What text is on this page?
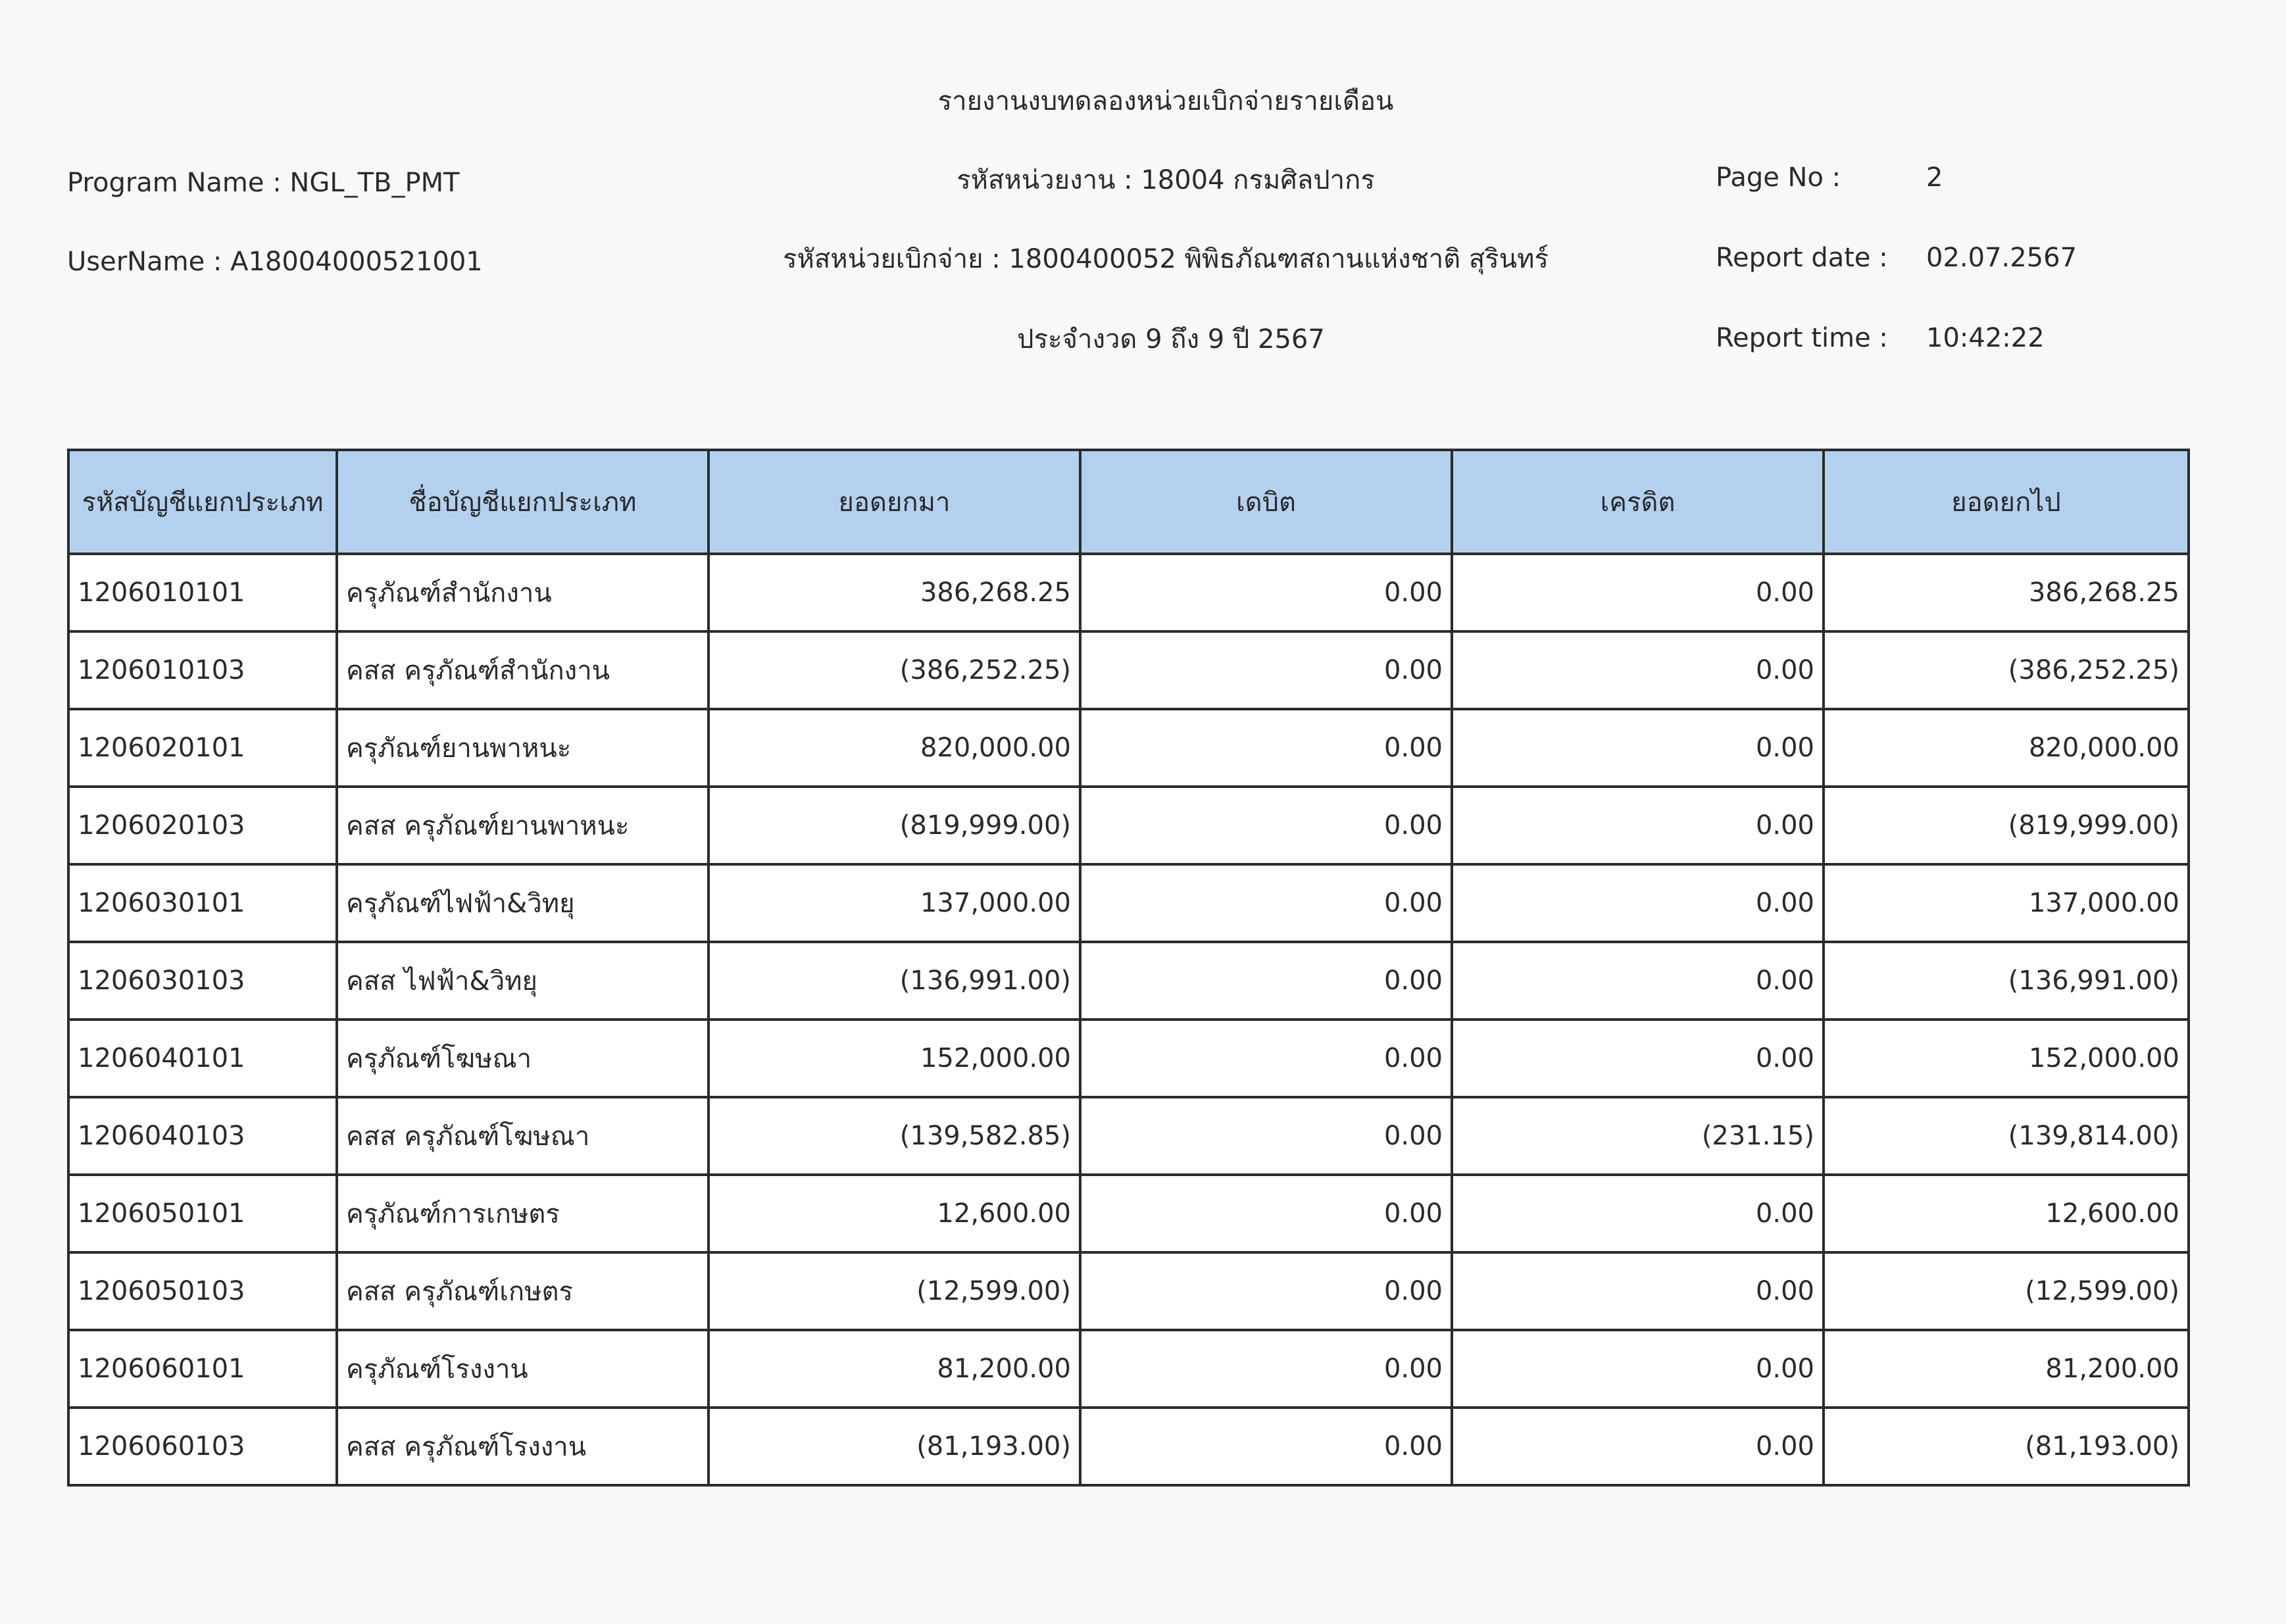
รายงานงบทดลองหน่วยเบิกจ่ายรายเดือน
Program Name : NGL_TB_PMT	รหัสหน่วยงาน : 18004 กรมศิลปากร	Page No :	2
UserName : A18004000521001	รหัสหน่วยเบิกจ่าย : 1800400052 พิพิธภัณฑสถานแห่งชาติ สุรินทร์	Report date : 02.07.2567
ประจำงวด 9 ถึง 9 ปี 2567	Report time : 10:42:22
รหัสบัญชีแยกประเภท	ชื่อบัญชีแยกประเภท	ยอดยกมา	เดบิต	เครดิต	ยอดยกไป
1206010101	ครุภัณฑ์สำนักงาน	386,268.25	0.00	0.00	386,268.25
1206010103	คสส ครุภัณฑ์สำนักงาน	(386,252.25)	0.00	0.00	(386,252.25)
1206020101	ครุภัณฑ์ยานพาหนะ	820,000.00	0.00	0.00	820,000.00
1206020103	คสส ครุภัณฑ์ยานพาหนะ	(819,999.00)	0.00	0.00	(819,999.00)
1206030101	ครุภัณฑ์ไฟฟ้า&วิทยุ	137,000.00	0.00	0.00	137,000.00
1206030103	คสส ไฟฟ้า&วิทยุ	(136,991.00)	0.00	0.00	(136,991.00)
1206040101	ครุภัณฑ์โฆษณา	152,000.00	0.00	0.00	152,000.00
1206040103	คสส ครุภัณฑ์โฆษณา	(139,582.85)	0.00	(231.15)	(139,814.00)
1206050101	ครุภัณฑ์การเกษตร	12,600.00	0.00	0.00	12,600.00
1206050103	คสส ครุภัณฑ์เกษตร	(12,599.00)	0.00	0.00	(12,599.00)
1206060101	ครุภัณฑ์โรงงาน	81,200.00	0.00	0.00	81,200.00
1206060103	คสส ครุภัณฑ์โรงงาน	(81,193.00)	0.00	0.00	(81,193.00)
